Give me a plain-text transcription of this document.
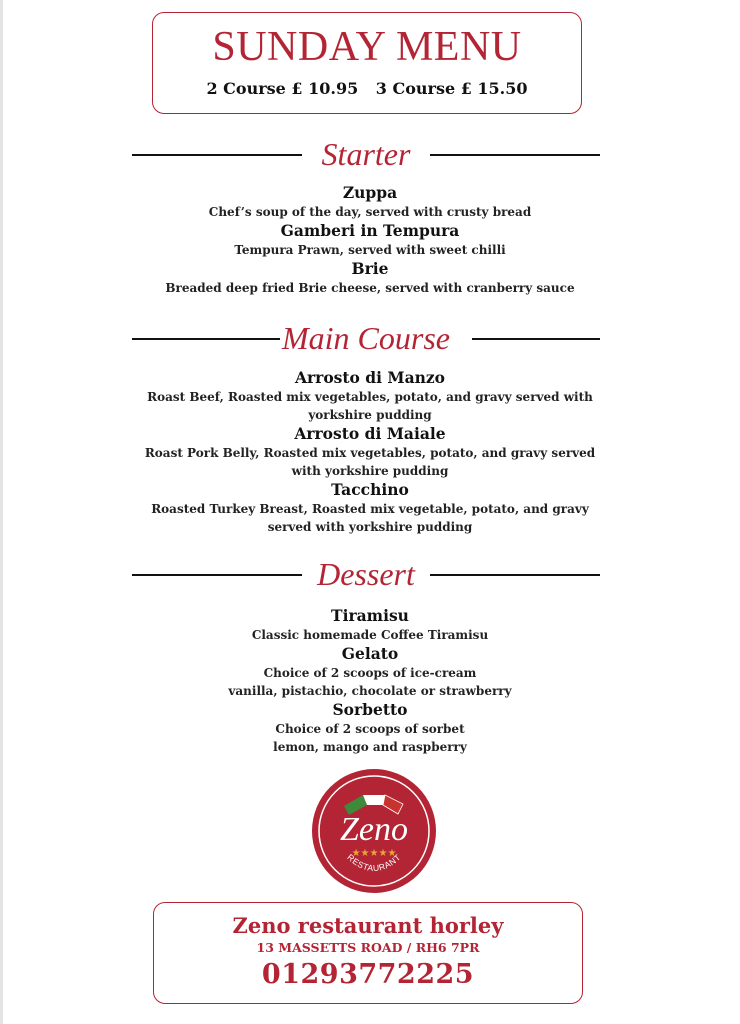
SUNDAY MENU
2 Course £ 10.95 3 Course £ 15.50
Starter
Zuppa
Chef’s soup of the day, served with crusty bread
Gamberi in Tempura
Tempura Prawn, served with sweet chilli
Brie
Breaded deep fried Brie cheese, served with cranberry sauce
Main Course
Arrosto di Manzo
Roast Beef, Roasted mix vegetables, potato, and gravy served with
yorkshire pudding
Arrosto di Maiale
Roast Pork Belly, Roasted mix vegetables, potato, and gravy served
with yorkshire pudding
Tacchino
Roasted Turkey Breast, Roasted mix vegetable, potato, and gravy
served with yorkshire pudding
Dessert
Tiramisu
Classic homemade Coffee Tiramisu
Gelato
Choice of 2 scoops of ice-cream
vanilla, pistachio, chocolate or strawberry
Sorbetto
Choice of 2 scoops of sorbet
lemon, mango and raspberry
Zeno
★★★★★
RESTAURANT
Zeno restaurant horley
13 MASSETTS ROAD / RH6 7PR
01293772225
